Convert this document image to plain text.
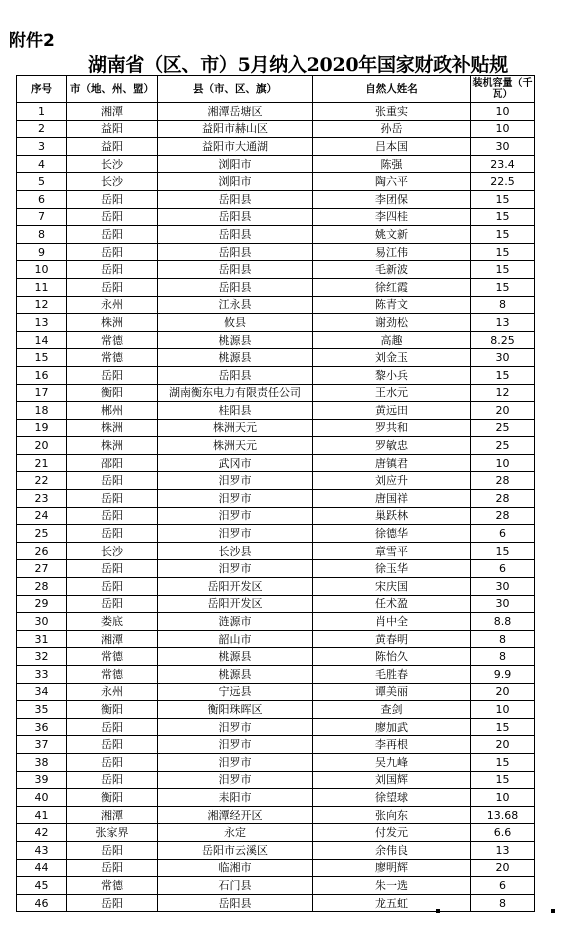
附件2
湖南省（区、市）5月纳入2020年国家财政补贴规
序号	市（地、州、盟）	县（市、区、旗）	自然人姓名	装机容量（千瓦）
1	湘潭	湘潭岳塘区	张重实	10
2	益阳	益阳市赫山区	孙岳	10
3	益阳	益阳市大通湖	吕本国	30
4	长沙	浏阳市	陈强	23.4
5	长沙	浏阳市	陶六平	22.5
6	岳阳	岳阳县	李团保	15
7	岳阳	岳阳县	李四桂	15
8	岳阳	岳阳县	姚文新	15
9	岳阳	岳阳县	易江伟	15
10	岳阳	岳阳县	毛新波	15
11	岳阳	岳阳县	徐红霞	15
12	永州	江永县	陈青文	8
13	株洲	攸县	谢劲松	13
14	常德	桃源县	高趣	8.25
15	常德	桃源县	刘金玉	30
16	岳阳	岳阳县	黎小兵	15
17	衡阳	湖南衡东电力有限责任公司	王水元	12
18	郴州	桂阳县	黄远田	20
19	株洲	株洲天元	罗共和	25
20	株洲	株洲天元	罗敏忠	25
21	邵阳	武冈市	唐镇君	10
22	岳阳	汨罗市	刘应升	28
23	岳阳	汨罗市	唐国祥	28
24	岳阳	汨罗市	巢跃林	28
25	岳阳	汨罗市	徐德华	6
26	长沙	长沙县	章雪平	15
27	岳阳	汨罗市	徐玉华	6
28	岳阳	岳阳开发区	宋庆国	30
29	岳阳	岳阳开发区	任术盈	30
30	娄底	涟源市	肖中全	8.8
31	湘潭	韶山市	黄春明	8
32	常德	桃源县	陈怡久	8
33	常德	桃源县	毛胜春	9.9
34	永州	宁远县	谭美丽	20
35	衡阳	衡阳珠晖区	查剑	10
36	岳阳	汨罗市	廖加武	15
37	岳阳	汨罗市	李再根	20
38	岳阳	汨罗市	吴九峰	15
39	岳阳	汨罗市	刘国辉	15
40	衡阳	耒阳市	徐望球	10
41	湘潭	湘潭经开区	张向东	13.68
42	张家界	永定	付发元	6.6
43	岳阳	岳阳市云溪区	余伟良	13
44	岳阳	临湘市	廖明辉	20
45	常德	石门县	朱一选	6
46	岳阳	岳阳县	龙五虹	8
